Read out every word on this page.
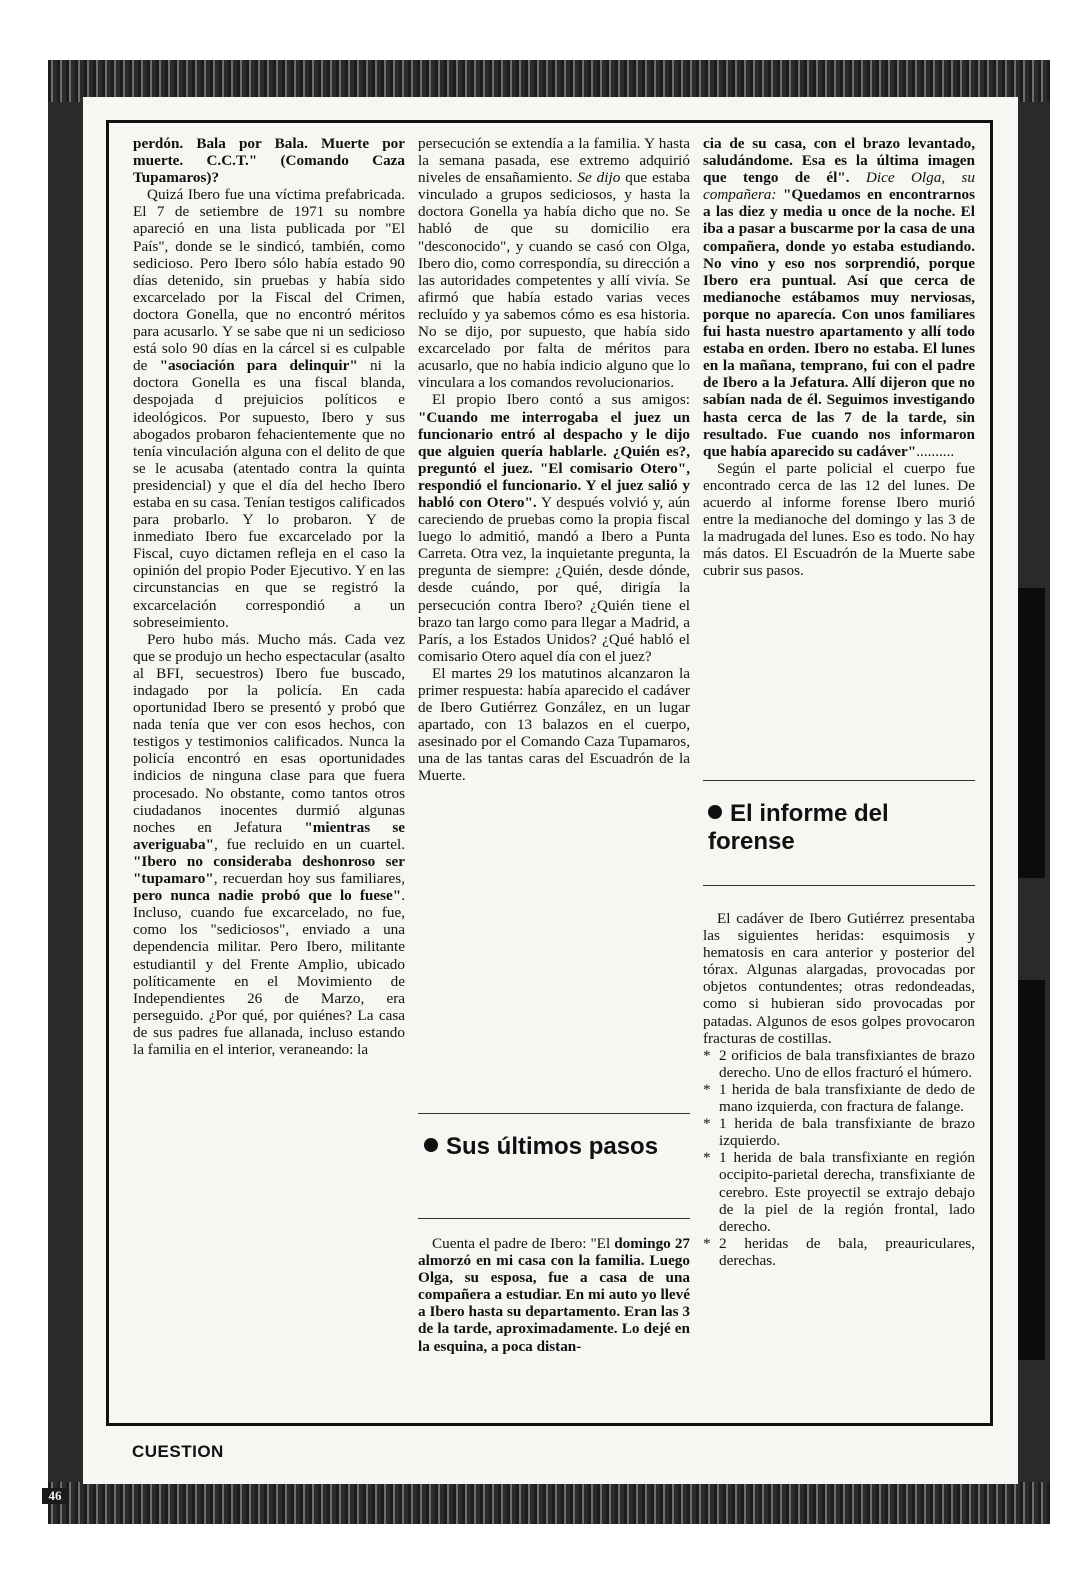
perdón. Bala por Bala. Muerte por muerte. C.C.T." (Comando Caza Tupamaros)?

Quizá Ibero fue una víctima prefabricada. El 7 de setiembre de 1971 su nombre apareció en una lista publicada por "El País", donde se le sindicó, también, como sedicioso. Pero Ibero sólo había estado 90 días detenido, sin pruebas y había sido excarcelado por la Fiscal del Crimen, doctora Gonella, que no encontró méritos para acusarlo. Y se sabe que ni un sedicioso está solo 90 días en la cárcel si es culpable de "asociación para delinquir" ni la doctora Gonella es una fiscal blanda, despojada d prejuicios políticos e ideológicos. Por supuesto, Ibero y sus abogados probaron fehacientemente que no tenía vinculación alguna con el delito de que se le acusaba (atentado contra la quinta presidencial) y que el día del hecho Ibero estaba en su casa. Tenían testigos calificados para probarlo. Y lo probaron. Y de inmediato Ibero fue excarcelado por la Fiscal, cuyo dictamen refleja en el caso la opinión del propio Poder Ejecutivo. Y en las circunstancias en que se registró la excarcelación correspondió a un sobreseimiento.

Pero hubo más. Mucho más. Cada vez que se produjo un hecho espectacular (asalto al BFI, secuestros) Ibero fue buscado, indagado por la policía. En cada oportunidad Ibero se presentó y probó que nada tenía que ver con esos hechos, con testigos y testimonios calificados. Nunca la policía encontró en esas oportunidades indicios de ninguna clase para que fuera procesado. No obstante, como tantos otros ciudadanos inocentes durmió algunas noches en Jefatura "mientras se averiguaba", fue recluido en un cuartel. "Ibero no consideraba deshonroso ser "tupamaro", recuerdan hoy sus familiares, pero nunca nadie probó que lo fuese". Incluso, cuando fue excarcelado, no fue, como los "sediciosos", enviado a una dependencia militar. Pero Ibero, militante estudiantil y del Frente Amplio, ubicado políticamente en el Movimiento de Independientes 26 de Marzo, era perseguido. ¿Por qué, por quiénes? La casa de sus padres fue allanada, incluso estando la familia en el interior, veraneando: la

persecución se extendía a la familia. Y hasta la semana pasada, ese extremo adquirió niveles de ensañamiento. Se dijo que estaba vinculado a grupos sediciosos, y hasta la doctora Gonella ya había dicho que no. Se habló de que su domicilio era "desconocido", y cuando se casó con Olga, Ibero dio, como correspondía, su dirección a las autoridades competentes y allí vivía. Se afirmó que había estado varias veces recluído y ya sabemos cómo es esa historia. No se dijo, por supuesto, que había sido excarcelado por falta de méritos para acusarlo, que no había indicio alguno que lo vinculara a los comandos revolucionarios.

El propio Ibero contó a sus amigos: "Cuando me interrogaba el juez un funcionario entró al despacho y le dijo que alguien quería hablarle. ¿Quién es?, preguntó el juez. "El comisario Otero", respondió el funcionario. Y el juez salió y habló con Otero". Y después volvió y, aún careciendo de pruebas como la propia fiscal luego lo admitió, mandó a Ibero a Punta Carreta. Otra vez, la inquietante pregunta, la pregunta de siempre: ¿Quién, desde dónde, desde cuándo, por qué, dirigía la persecución contra Ibero? ¿Quién tiene el brazo tan largo como para llegar a Madrid, a París, a los Estados Unidos? ¿Qué habló el comisario Otero aquel día con el juez?

El martes 29 los matutinos alcanzaron la primer respuesta: había aparecido el cadáver de Ibero Gutiérrez González, en un lugar apartado, con 13 balazos en el cuerpo, asesinado por el Comando Caza Tupamaros, una de las tantas caras del Escuadrón de la Muerte.

Sus últimos pasos

Cuenta el padre de Ibero: "El domingo 27 almorzó en mi casa con la familia. Luego Olga, su esposa, fue a casa de una compañera a estudiar. En mi auto yo llevé a Ibero hasta su departamento. Eran las 3 de la tarde, aproximadamente. Lo dejé en la esquina, a poca distan-

cia de su casa, con el brazo levantado, saludándome. Esa es la última imagen que tengo de él". Dice Olga, su compañera: "Quedamos en encontrarnos a las diez y media u once de la noche. El iba a pasar a buscarme por la casa de una compañera, donde yo estaba estudiando. No vino y eso nos sorprendió, porque Ibero era puntual. Así que cerca de medianoche estábamos muy nerviosas, porque no aparecía. Con unos familiares fui hasta nuestro apartamento y allí todo estaba en orden. Ibero no estaba. El lunes en la mañana, temprano, fui con el padre de Ibero a la Jefatura. Allí dijeron que no sabían nada de él. Seguimos investigando hasta cerca de las 7 de la tarde, sin resultado. Fue cuando nos informaron que había aparecido su cadáver"..........

Según el parte policial el cuerpo fue encontrado cerca de las 12 del lunes. De acuerdo al informe forense Ibero murió entre la medianoche del domingo y las 3 de la madrugada del lunes. Eso es todo. No hay más datos. El Escuadrón de la Muerte sabe cubrir sus pasos.

El informe del forense

El cadáver de Ibero Gutiérrez presentaba las siguientes heridas: esquimosis y hematosis en cara anterior y posterior del tórax. Algunas alargadas, provocadas por objetos contundentes; otras redondeadas, como si hubieran sido provocadas por patadas. Algunos de esos golpes provocaron fracturas de costillas.

* 2 orificios de bala transfixiantes de brazo derecho. Uno de ellos fracturó el húmero.
* 1 herida de bala transfixiante de dedo de mano izquierda, con fractura de falange.
* 1 herida de bala transfixiante de brazo izquierdo.
* 1 herida de bala transfixiante en región occipito-parietal derecha, transfixiante de cerebro. Este proyectil se extrajo debajo de la piel de la región frontal, lado derecho.
* 2 heridas de bala, preauriculares, derechas.
CUESTION
46
